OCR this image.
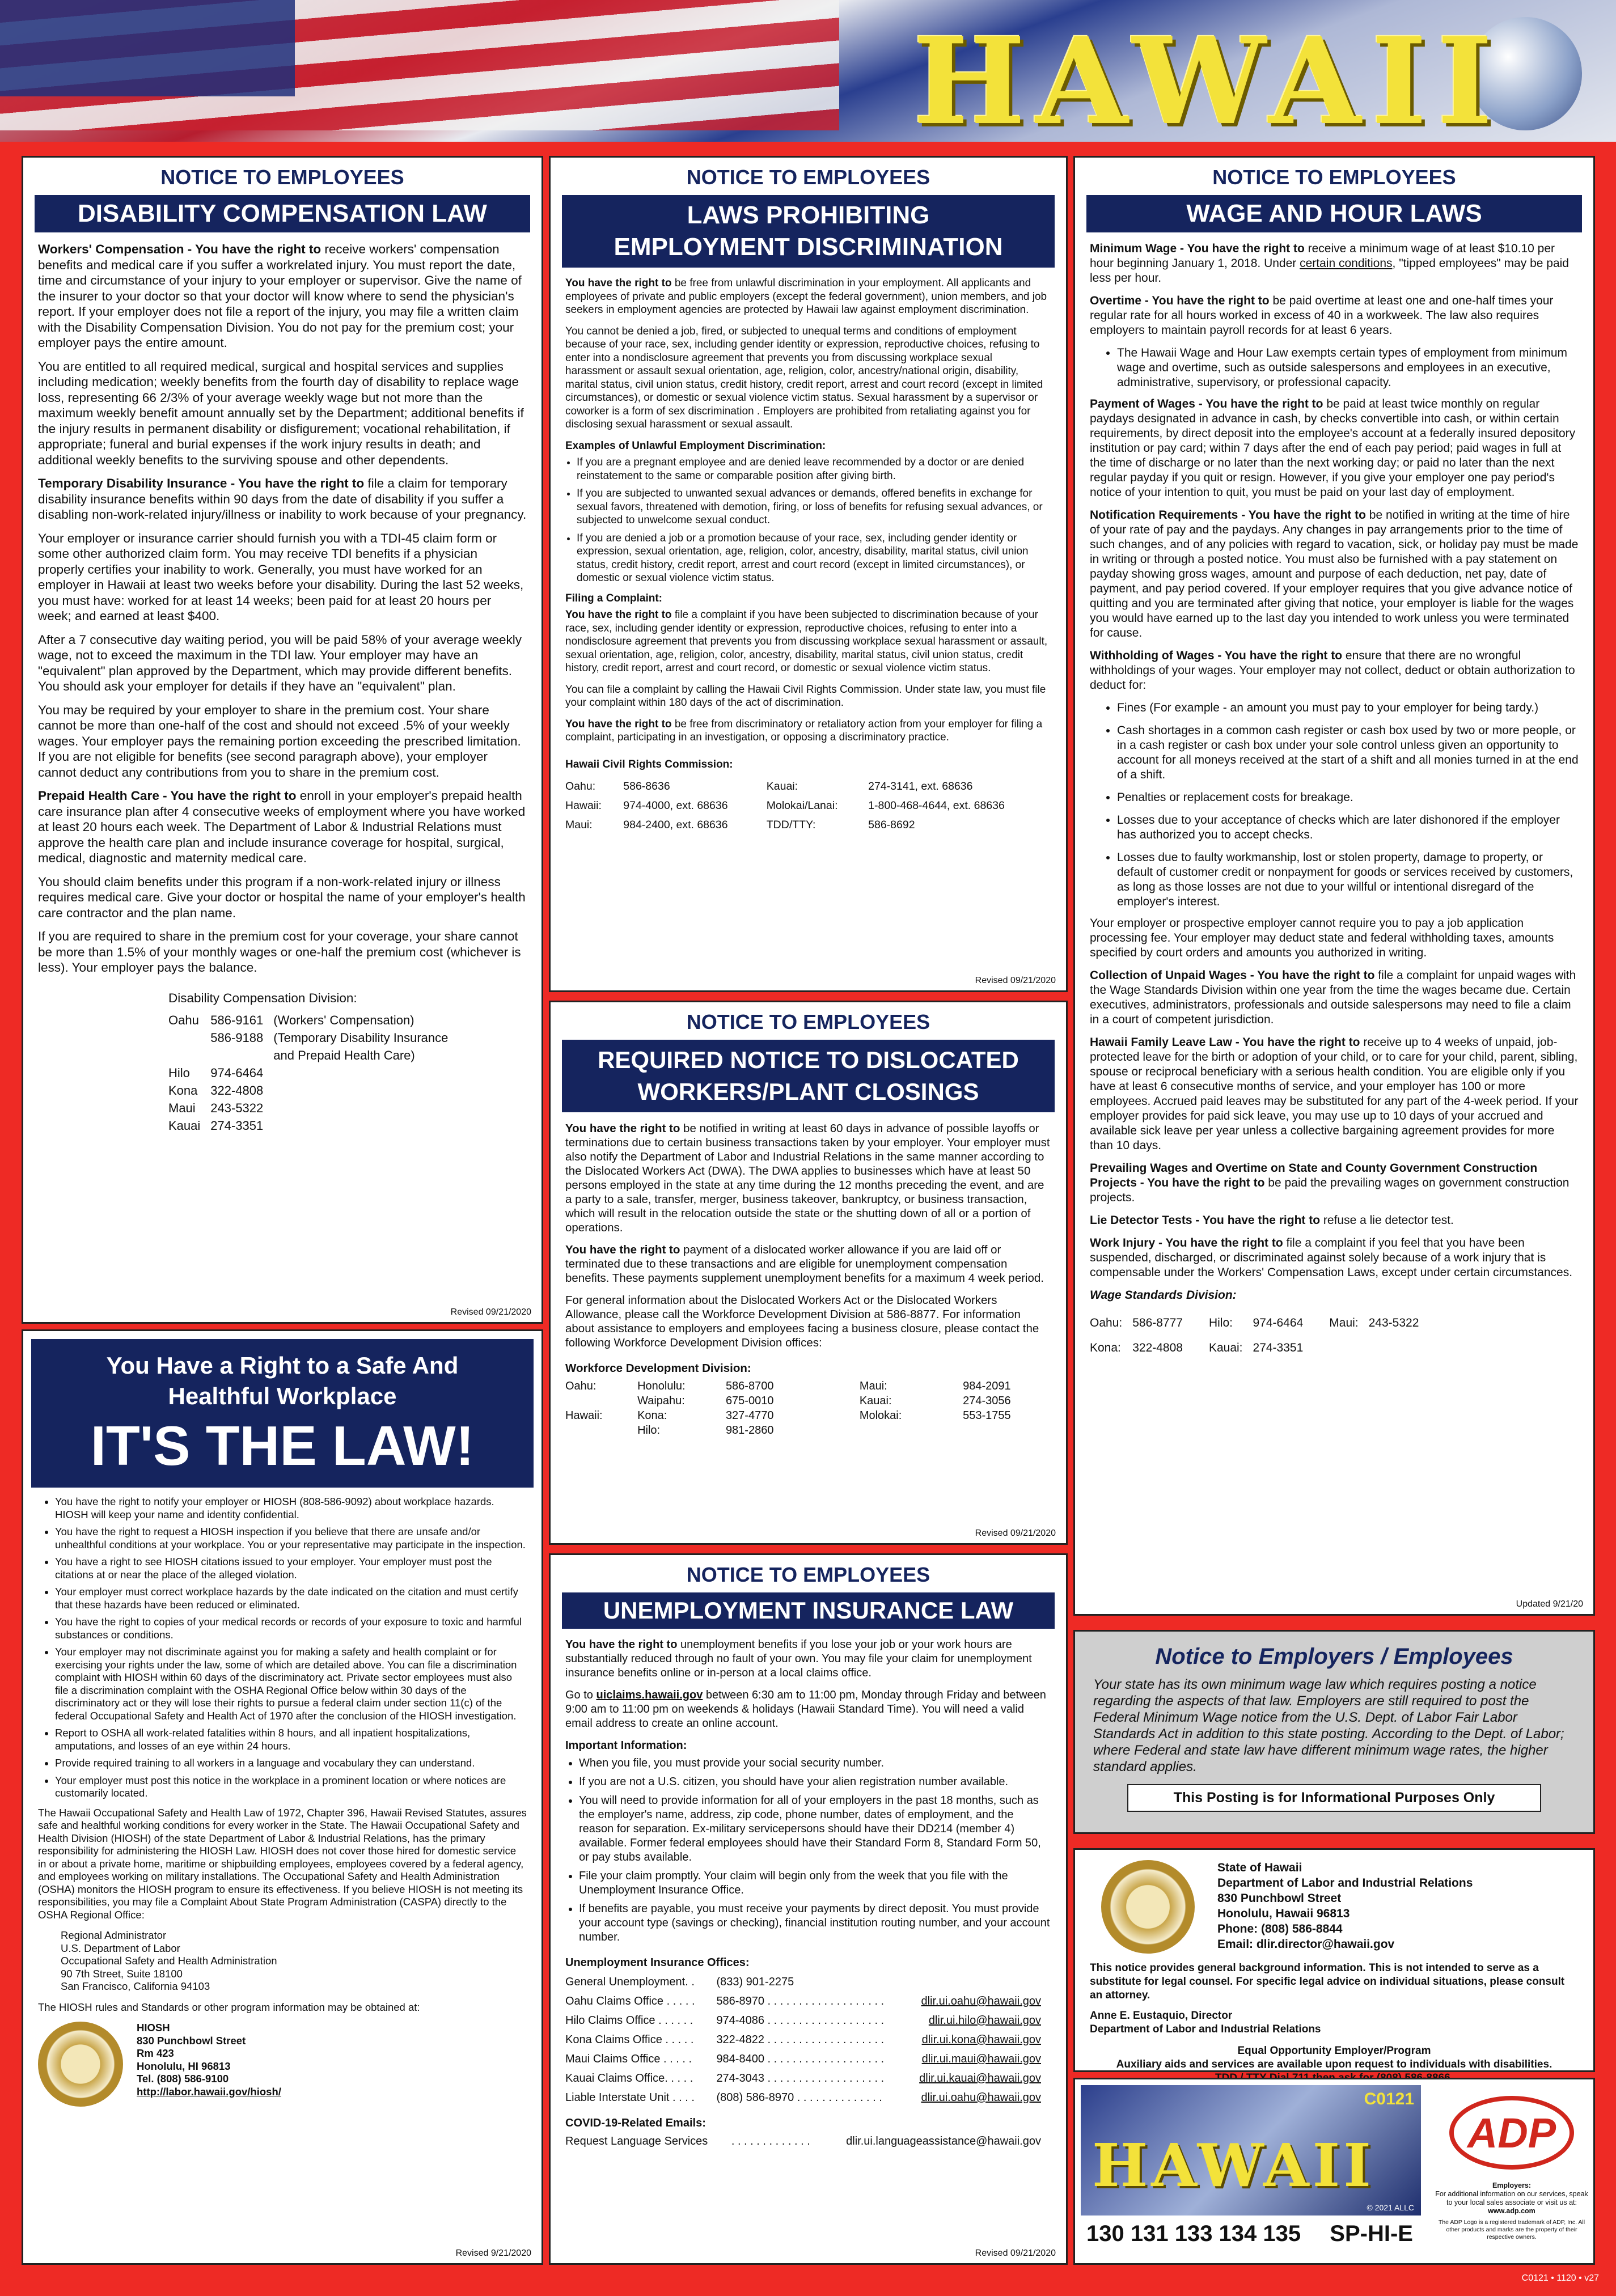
HAWAII
NOTICE TO EMPLOYEES
DISABILITY COMPENSATION LAW

Workers' Compensation - You have the right to receive workers' compensation benefits and medical care if you suffer a workrelated injury. You must report the date, time and circumstance of your injury to your employer or supervisor. Give the name of the insurer to your doctor so that your doctor will know where to send the physician's report. If your employer does not file a report of the injury, you may file a written claim with the Disability Compensation Division. You do not pay for the premium cost; your employer pays the entire amount.

You are entitled to all required medical, surgical and hospital services and supplies including medication; weekly benefits from the fourth day of disability to replace wage loss, representing 66 2/3% of your average weekly wage but not more than the maximum weekly benefit amount annually set by the Department; additional benefits if the injury results in permanent disability or disfigurement; vocational rehabilitation, if appropriate; funeral and burial expenses if the work injury results in death; and additional weekly benefits to the surviving spouse and other dependents.

Temporary Disability Insurance - You have the right to file a claim for temporary disability insurance benefits within 90 days from the date of disability if you suffer a disabling non-work-related injury/illness or inability to work because of your pregnancy.

Your employer or insurance carrier should furnish you with a TDI-45 claim form or some other authorized claim form. You may receive TDI benefits if a physician properly certifies your inability to work. Generally, you must have worked for an employer in Hawaii at least two weeks before your disability. During the last 52 weeks, you must have: worked for at least 14 weeks; been paid for at least 20 hours per week; and earned at least $400.

After a 7 consecutive day waiting period, you will be paid 58% of your average weekly wage, not to exceed the maximum in the TDI law. Your employer may have an "equivalent" plan approved by the Department, which may provide different benefits. You should ask your employer for details if they have an "equivalent" plan.

You may be required by your employer to share in the premium cost. Your share cannot be more than one-half of the cost and should not exceed .5% of your weekly wages. Your employer pays the remaining portion exceeding the prescribed limitation. If you are not eligible for benefits (see second paragraph above), your employer cannot deduct any contributions from you to share in the premium cost.

Prepaid Health Care - You have the right to enroll in your employer's prepaid health care insurance plan after 4 consecutive weeks of employment where you have worked at least 20 hours each week. The Department of Labor & Industrial Relations must approve the health care plan and include insurance coverage for hospital, surgical, medical, diagnostic and maternity medical care.

You should claim benefits under this program if a non-work-related injury or illness requires medical care. Give your doctor or hospital the name of your employer's health care contractor and the plan name.

If you are required to share in the premium cost for your coverage, your share cannot be more than 1.5% of your monthly wages or one-half the premium cost (whichever is less). Your employer pays the balance.

Disability Compensation Division:
Oahu	586-9161	(Workers' Compensation)
	586-9188	(Temporary Disability Insurance and Prepaid Health Care)
Hilo	974-6464	
Kona	322-4808	
Maui	243-5322	
Kauai	274-3351	
Revised 09/21/2020
You Have a Right to a Safe And Healthful Workplace
IT'S THE LAW!
• You have the right to notify your employer or HIOSH (808-586-9092) about workplace hazards. HIOSH will keep your name and identity confidential.
• You have the right to request a HIOSH inspection if you believe that there are unsafe and/or unhealthful conditions at your workplace. You or your representative may participate in the inspection.
• You have a right to see HIOSH citations issued to your employer. Your employer must post the citations at or near the place of the alleged violation.
• Your employer must correct workplace hazards by the date indicated on the citation and must certify that these hazards have been reduced or eliminated.
• You have the right to copies of your medical records or records of your exposure to toxic and harmful substances or conditions.
• Your employer may not discriminate against you for making a safety and health complaint or for exercising your rights under the law, some of which are detailed above. You can file a discrimination complaint with HIOSH within 60 days of the discriminatory act. Private sector employees must also file a discrimination complaint with the OSHA Regional Office below within 30 days of the discriminatory act or they will lose their rights to pursue a federal claim under section 11(c) of the federal Occupational Safety and Health Act of 1970 after the conclusion of the HIOSH investigation.
• Report to OSHA all work-related fatalities within 8 hours, and all inpatient hospitalizations, amputations, and losses of an eye within 24 hours.
• Provide required training to all workers in a language and vocabulary they can understand.
• Your employer must post this notice in the workplace in a prominent location or where notices are customarily located.

The Hawaii Occupational Safety and Health Law of 1972, Chapter 396, Hawaii Revised Statutes, assures safe and healthful working conditions for every worker in the State. The Hawaii Occupational Safety and Health Division (HIOSH) of the state Department of Labor & Industrial Relations, has the primary responsibility for administering the HIOSH Law. HIOSH does not cover those hired for domestic service in or about a private home, maritime or shipbuilding employees, employees covered by a federal agency, and employees working on military installations. The Occupational Safety and Health Administration (OSHA) monitors the HIOSH program to ensure its effectiveness. If you believe HIOSH is not meeting its responsibilities, you may file a Complaint About State Program Administration (CASPA) directly to the OSHA Regional Office:

Regional Administrator
U.S. Department of Labor
Occupational Safety and Health Administration
90 7th Street, Suite 18100
San Francisco, California 94103

The HIOSH rules and Standards or other program information may be obtained at:

HIOSH
830 Punchbowl Street
Rm 423
Honolulu, HI 96813
Tel. (808) 586-9100
http://labor.hawaii.gov/hiosh/
Revised 9/21/2020
NOTICE TO EMPLOYEES
LAWS PROHIBITING
EMPLOYMENT DISCRIMINATION

You have the right to be free from unlawful discrimination in your employment. All applicants and employees of private and public employers (except the federal government), union members, and job seekers in employment agencies are protected by Hawaii law against employment discrimination.

You cannot be denied a job, fired, or subjected to unequal terms and conditions of employment because of your race, sex, including gender identity or expression, reproductive choices, refusing to enter into a nondisclosure agreement that prevents you from discussing workplace sexual harassment or assault sexual orientation, age, religion, color, ancestry/national origin, disability, marital status, civil union status, credit history, credit report, arrest and court record (except in limited circumstances), or domestic or sexual violence victim status. Sexual harassment by a supervisor or coworker is a form of sex discrimination . Employers are prohibited from retaliating against you for disclosing sexual harassment or sexual assault.

Examples of Unlawful Employment Discrimination:

• If you are a pregnant employee and are denied leave recommended by a doctor or are denied reinstatement to the same or comparable position after giving birth.
• If you are subjected to unwanted sexual advances or demands, offered benefits in exchange for sexual favors, threatened with demotion, firing, or loss of benefits for refusing sexual advances, or subjected to unwelcome sexual conduct.
• If you are denied a job or a promotion because of your race, sex, including gender identity or expression, sexual orientation, age, religion, color, ancestry, disability, marital status, civil union status, credit history, credit report, arrest and court record (except in limited circumstances), or domestic or sexual violence victim status.

Filing a Complaint:

You have the right to file a complaint if you have been subjected to discrimination because of your race, sex, including gender identity or expression, reproductive choices, refusing to enter into a nondisclosure agreement that prevents you from discussing workplace sexual harassment or assault, sexual orientation, age, religion, color, ancestry, disability, marital status, civil union status, credit history, credit report, arrest and court record, or domestic or sexual violence victim status.

You can file a complaint by calling the Hawaii Civil Rights Commission. Under state law, you must file your complaint within 180 days of the act of discrimination.

You have the right to be free from discriminatory or retaliatory action from your employer for filing a complaint, participating in an investigation, or opposing a discriminatory practice.

Hawaii Civil Rights Commission:

Oahu:	586-8636	Kauai:	274-3141, ext. 68636
Hawaii:	974-4000, ext. 68636	Molokai/Lanai:	1-800-468-4644, ext. 68636
Maui:	984-2400, ext. 68636	TDD/TTY:	586-8692
Revised 09/21/2020
NOTICE TO EMPLOYEES
REQUIRED NOTICE TO DISLOCATED
WORKERS/PLANT CLOSINGS

You have the right to be notified in writing at least 60 days in advance of possible layoffs or terminations due to certain business transactions taken by your employer. Your employer must also notify the Department of Labor and Industrial Relations in the same manner according to the Dislocated Workers Act (DWA). The DWA applies to businesses which have at least 50 persons employed in the state at any time during the 12 months preceding the event, and are a party to a sale, transfer, merger, business takeover, bankruptcy, or business transaction, which will result in the relocation outside the state or the shutting down of all or a portion of operations.

You have the right to payment of a dislocated worker allowance if you are laid off or terminated due to these transactions and are eligible for unemployment compensation benefits. These payments supplement unemployment benefits for a maximum 4 week period.

For general information about the Dislocated Workers Act or the Dislocated Workers Allowance, please call the Workforce Development Division at 586-8877. For information about assistance to employers and employees facing a business closure, please contact the following Workforce Development Division offices:

Workforce Development Division:

Oahu:	Honolulu:	586-8700	Maui:	984-2091
	Waipahu:	675-0010	Kauai:	274-3056
Hawaii:	Kona:	327-4770	Molokai:	553-1755
	Hilo:	981-2860		
Revised 09/21/2020
NOTICE TO EMPLOYEES
UNEMPLOYMENT INSURANCE LAW

You have the right to unemployment benefits if you lose your job or your work hours are substantially reduced through no fault of your own. You may file your claim for unemployment insurance benefits online or in-person at a local claims office.

Go to uiclaims.hawaii.gov between 6:30 am to 11:00 pm, Monday through Friday and between 9:00 am to 11:00 pm on weekends & holidays (Hawaii Standard Time). You will need a valid email address to create an online account.

Important Information:

• When you file, you must provide your social security number.
• If you are not a U.S. citizen, you should have your alien registration number available.
• You will need to provide information for all of your employers in the past 18 months, such as the employer's name, address, zip code, phone number, dates of employment, and the reason for separation. Ex-military servicepersons should have their DD214 (member 4) available. Former federal employees should have their Standard Form 8, Standard Form 50, or pay stubs available.
• File your claim promptly. Your claim will begin only from the week that you file with the Unemployment Insurance Office.
• If benefits are payable, you must receive your payments by direct deposit. You must provide your account type (savings or checking), financial institution routing number, and your account number.

Unemployment Insurance Offices:

General Unemployment. .	(833) 901-2275	
Oahu Claims Office . . . . .	586-8970 . . . . . . . . . . . . . . . . . . .	dlir.ui.oahu@hawaii.gov
Hilo Claims Office . . . . . .	974-4086 . . . . . . . . . . . . . . . . . . .	dlir.ui.hilo@hawaii.gov
Kona Claims Office . . . . .	322-4822 . . . . . . . . . . . . . . . . . . .	dlir.ui.kona@hawaii.gov
Maui Claims Office . . . . .	984-8400 . . . . . . . . . . . . . . . . . . .	dlir.ui.maui@hawaii.gov
Kauai Claims Office. . . . .	274-3043 . . . . . . . . . . . . . . . . . . .	dlir.ui.kauai@hawaii.gov
Liable Interstate Unit . . . .	(808) 586-8970 . . . . . . . . . . . . . .	dlir.ui.oahu@hawaii.gov

COVID-19-Related Emails:

Request Language Services	. . . . . . . . . . . . .	dlir.ui.languageassistance@hawaii.gov
Revised 09/21/2020
NOTICE TO EMPLOYEES
WAGE AND HOUR LAWS

Minimum Wage - You have the right to receive a minimum wage of at least $10.10 per hour beginning January 1, 2018. Under certain conditions, "tipped employees" may be paid less per hour.

Overtime - You have the right to be paid overtime at least one and one-half times your regular rate for all hours worked in excess of 40 in a workweek. The law also requires employers to maintain payroll records for at least 6 years.

• The Hawaii Wage and Hour Law exempts certain types of employment from minimum wage and overtime, such as outside salespersons and employees in an executive, administrative, supervisory, or professional capacity.

Payment of Wages - You have the right to be paid at least twice monthly on regular paydays designated in advance in cash, by checks convertible into cash, or within certain requirements, by direct deposit into the employee's account at a federally insured depository institution or pay card; within 7 days after the end of each pay period; paid wages in full at the time of discharge or no later than the next working day; or paid no later than the next regular payday if you quit or resign. However, if you give your employer one pay period's notice of your intention to quit, you must be paid on your last day of employment.

Notification Requirements - You have the right to be notified in writing at the time of hire of your rate of pay and the paydays. Any changes in pay arrangements prior to the time of such changes, and of any policies with regard to vacation, sick, or holiday pay must be made in writing or through a posted notice. You must also be furnished with a pay statement on payday showing gross wages, amount and purpose of each deduction, net pay, date of payment, and pay period covered. If your employer requires that you give advance notice of quitting and you are terminated after giving that notice, your employer is liable for the wages you would have earned up to the last day you intended to work unless you were terminated for cause.

Withholding of Wages - You have the right to ensure that there are no wrongful withholdings of your wages. Your employer may not collect, deduct or obtain authorization to deduct for:

• Fines (For example - an amount you must pay to your employer for being tardy.)
• Cash shortages in a common cash register or cash box used by two or more people, or in a cash register or cash box under your sole control unless given an opportunity to account for all moneys received at the start of a shift and all monies turned in at the end of a shift.
• Penalties or replacement costs for breakage.
• Losses due to your acceptance of checks which are later dishonored if the employer has authorized you to accept checks.
• Losses due to faulty workmanship, lost or stolen property, damage to property, or default of customer credit or nonpayment for goods or services received by customers, as long as those losses are not due to your willful or intentional disregard of the employer's interest.

Your employer or prospective employer cannot require you to pay a job application processing fee. Your employer may deduct state and federal withholding taxes, amounts specified by court orders and amounts you authorized in writing.

Collection of Unpaid Wages - You have the right to file a complaint for unpaid wages with the Wage Standards Division within one year from the time the wages became due. Certain executives, administrators, professionals and outside salespersons may need to file a claim in a court of competent jurisdiction.

Hawaii Family Leave Law - You have the right to receive up to 4 weeks of unpaid, job-protected leave for the birth or adoption of your child, or to care for your child, parent, sibling, spouse or reciprocal beneficiary with a serious health condition. You are eligible only if you have at least 6 consecutive months of service, and your employer has 100 or more employees. Accrued paid leaves may be substituted for any part of the 4-week period. If your employer provides for paid sick leave, you may use up to 10 days of your accrued and available sick leave per year unless a collective bargaining agreement provides for more than 10 days.

Prevailing Wages and Overtime on State and County Government Construction Projects - You have the right to be paid the prevailing wages on government construction projects.

Lie Detector Tests - You have the right to refuse a lie detector test.

Work Injury - You have the right to file a complaint if you feel that you have been suspended, discharged, or discriminated against solely because of a work injury that is compensable under the Workers' Compensation Laws, except under certain circumstances.

Wage Standards Division:

Oahu:	586-8777	Hilo:	974-6464	Maui:	243-5322
Kona:	322-4808	Kauai:	274-3351		
Updated 9/21/20
Notice to Employers / Employees
Your state has its own minimum wage law which requires posting a notice regarding the aspects of that law. Employers are still required to post the Federal Minimum Wage notice from the U.S. Dept. of Labor Fair Labor Standards Act in addition to this state posting. According to the Dept. of Labor; where Federal and state law have different minimum wage rates, the higher standard applies.
This Posting is for Informational Purposes Only
State of Hawaii
Department of Labor and Industrial Relations
830 Punchbowl Street
Honolulu, Hawaii 96813
Phone: (808) 586-8844
Email: dlir.director@hawaii.gov
This notice provides general background information. This is not intended to serve as a substitute for legal counsel. For specific legal advice on individual situations, please consult an attorney.
Anne E. Eustaquio, Director
Department of Labor and Industrial Relations
Equal Opportunity Employer/Program
Auxiliary aids and services are available upon request to individuals with disabilities.
C0121
HAWAII
© 2021 ALLC
130 131 133 134 135 SP-HI-E
ADP
Employers:
For additional information on our services, speak to your local sales associate or visit us at:
www.adp.com
The ADP Logo is a registered trademark of ADP, Inc. All other products and marks are the property of their respective owners.
C0121 • 1120 • v27
